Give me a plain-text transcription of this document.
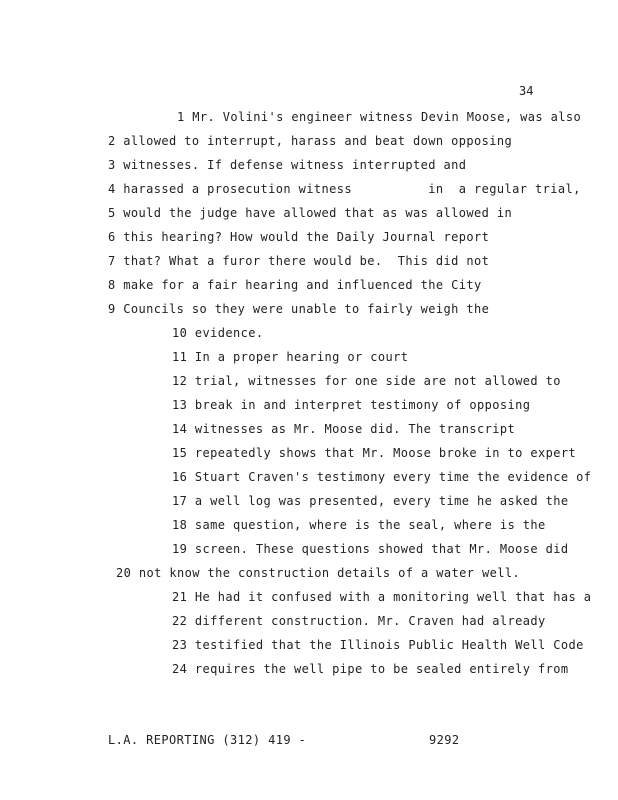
34
1 Mr. Volini's engineer witness Devin Moose, was also
2 allowed to interrupt, harass and beat down opposing
3 witnesses. If defense witness interrupted and
4 harassed a prosecution witness          in  a regular trial,
5 would the judge have allowed that as was allowed in
6 this hearing? How would the Daily Journal report
7 that? What a furor there would be.  This did not
8 make for a fair hearing and influenced the City
9 Councils so they were unable to fairly weigh the
10 evidence.
11 In a proper hearing or court
12 trial, witnesses for one side are not allowed to
13 break in and interpret testimony of opposing
14 witnesses as Mr. Moose did. The transcript
15 repeatedly shows that Mr. Moose broke in to expert
16 Stuart Craven's testimony every time the evidence of
17 a well log was presented, every time he asked the
18 same question, where is the seal, where is the
19 screen. These questions showed that Mr. Moose did
20 not know the construction details of a water well.
21 He had it confused with a monitoring well that has a
22 different construction. Mr. Craven had already
23 testified that the Illinois Public Health Well Code
24 requires the well pipe to be sealed entirely from
L.A. REPORTING (312) 419 -	9292
